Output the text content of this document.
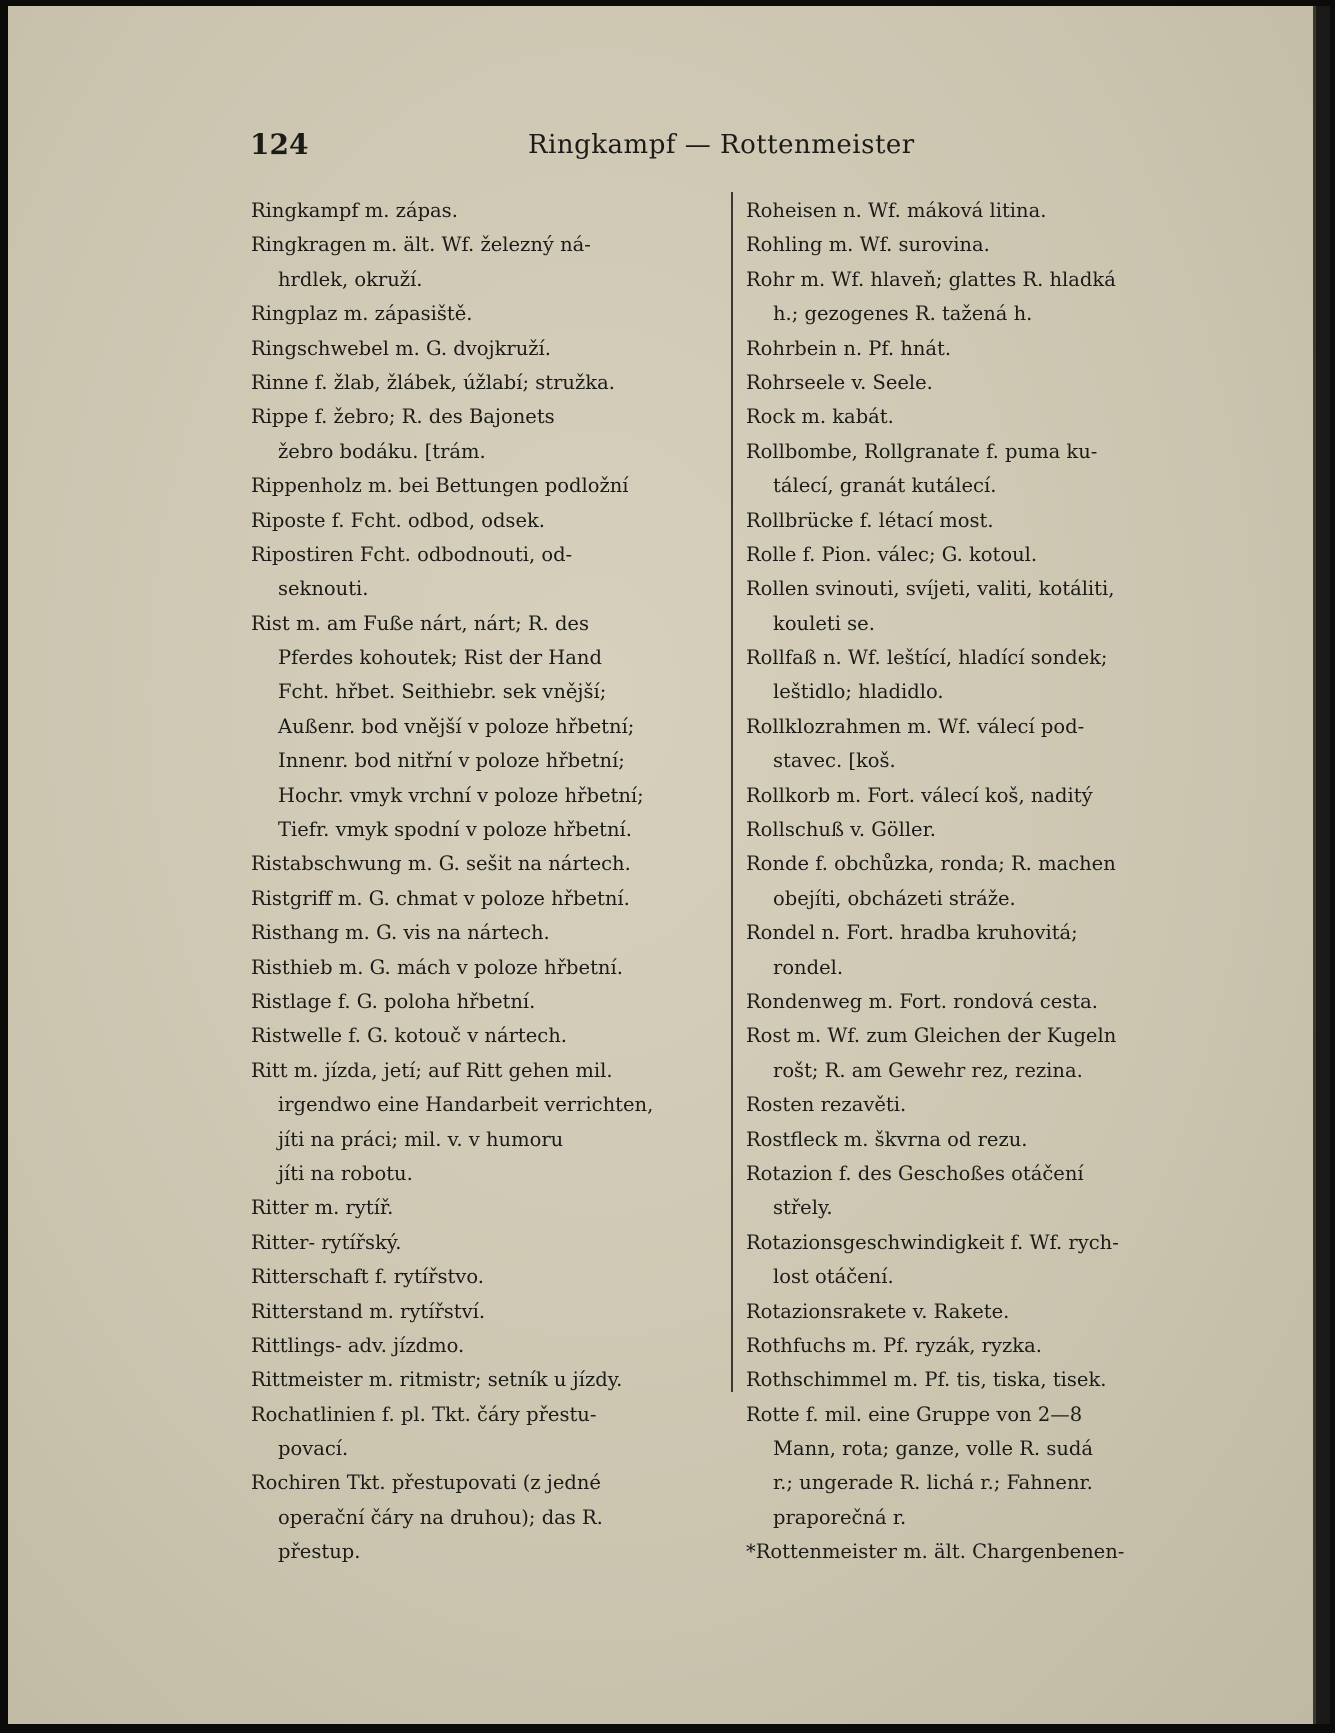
124	Ringkampf — Rottenmeister
Ringkampf m. zápas.
Ringkragen m. ält. Wf. železný ná-
hrdlek, okruží.
Ringplaz m. zápasiště.
Ringschwebel m. G. dvojkruží.
Rinne f. žlab, žlábek, úžlabí; stružka.
Rippe f. žebro; R. des Bajonets
žebro bodáku. [trám.
Rippenholz m. bei Bettungen podložní
Riposte f. Fcht. odbod, odsek.
Ripostiren Fcht. odbodnouti, od-
seknouti.
Rist m. am Fuße nárt, nárt; R. des
Pferdes kohoutek; Rist der Hand
Fcht. hřbet. Seithiebr. sek vnější;
Außenr. bod vnější v poloze hřbetní;
Innenr. bod nitřní v poloze hřbetní;
Hochr. vmyk vrchní v poloze hřbetní;
Tiefr. vmyk spodní v poloze hřbetní.
Ristabschwung m. G. sešit na nártech.
Ristgriff m. G. chmat v poloze hřbetní.
Risthang m. G. vis na nártech.
Risthieb m. G. mách v poloze hřbetní.
Ristlage f. G. poloha hřbetní.
Ristwelle f. G. kotouč v nártech.
Ritt m. jízda, jetí; auf Ritt gehen mil.
irgendwo eine Handarbeit verrichten,
jíti na práci; mil. v. v humoru
jíti na robotu.
Ritter m. rytíř.
Ritter- rytířský.
Ritterschaft f. rytířstvo.
Ritterstand m. rytířství.
Rittlings- adv. jízdmo.
Rittmeister m. ritmistr; setník u jízdy.
Rochatlinien f. pl. Tkt. čáry přestu-
povací.
Rochiren Tkt. přestupovati (z jedné
operační čáry na druhou); das R.
přestup.
Roheisen n. Wf. máková litina.
Rohling m. Wf. surovina.
Rohr m. Wf. hlaveň; glattes R. hladká
h.; gezogenes R. tažená h.
Rohrbein n. Pf. hnát.
Rohrseele v. Seele.
Rock m. kabát.
Rollbombe, Rollgranate f. puma ku-
tálecí, granát kutálecí.
Rollbrücke f. létací most.
Rolle f. Pion. válec; G. kotoul.
Rollen svinouti, svíjeti, valiti, kotáliti,
kouleti se.
Rollfaß n. Wf. leštící, hladící sondek;
leštidlo; hladidlo.
Rollklozrahmen m. Wf. válecí pod-
stavec. [koš.
Rollkorb m. Fort. válecí koš, naditý
Rollschuß v. Göller.
Ronde f. obchůzka, ronda; R. machen
obejíti, obcházeti stráže.
Rondel n. Fort. hradba kruhovitá;
rondel.
Rondenweg m. Fort. rondová cesta.
Rost m. Wf. zum Gleichen der Kugeln
rošt; R. am Gewehr rez, rezina.
Rosten rezavěti.
Rostfleck m. škvrna od rezu.
Rotazion f. des Geschoßes otáčení
střely.
Rotazionsgeschwindigkeit f. Wf. rych-
lost otáčení.
Rotazionsrakete v. Rakete.
Rothfuchs m. Pf. ryzák, ryzka.
Rothschimmel m. Pf. tis, tiska, tisek.
Rotte f. mil. eine Gruppe von 2—8
Mann, rota; ganze, volle R. sudá
r.; ungerade R. lichá r.; Fahnenr.
praporečná r.
*Rottenmeister m. ält. Chargenbenen-
